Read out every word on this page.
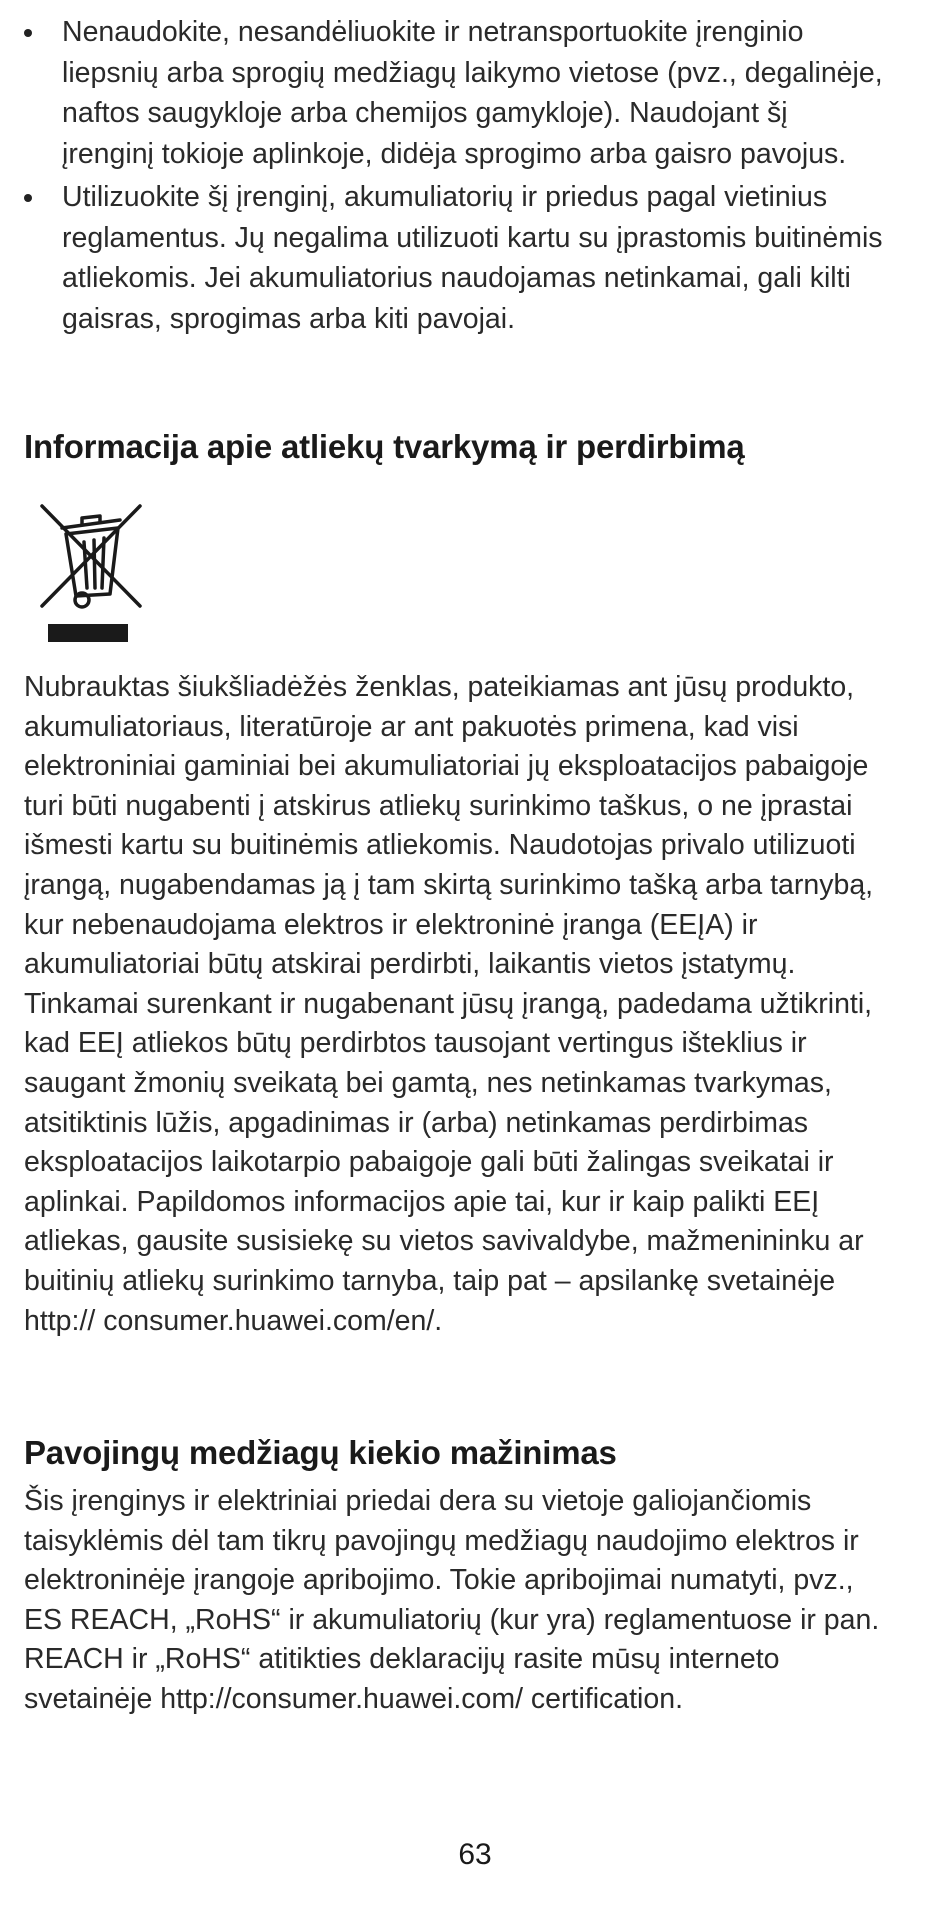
Nenaudokite, nesandėliuokite ir netransportuokite įrenginio liepsnių arba sprogių medžiagų laikymo vietose (pvz., degalinėje, naftos saugykloje arba chemijos gamykloje). Naudojant šį įrenginį tokioje aplinkoje, didėja sprogimo arba gaisro pavojus.
Utilizuokite šį įrenginį, akumuliatorių ir priedus pagal vietinius reglamentus. Jų negalima utilizuoti kartu su įprastomis buitinėmis atliekomis. Jei akumuliatorius naudojamas netinkamai, gali kilti gaisras, sprogimas arba kiti pavojai.
Informacija apie atliekų tvarkymą ir perdirbimą

Nubrauktas šiukšliadėžės ženklas, pateikiamas ant jūsų produkto, akumuliatoriaus, literatūroje ar ant pakuotės primena, kad visi elektroniniai gaminiai bei akumuliatoriai jų eksploatacijos pabaigoje turi būti nugabenti į atskirus atliekų surinkimo taškus, o ne įprastai išmesti kartu su buitinėmis atliekomis. Naudotojas privalo utilizuoti įrangą, nugabendamas ją į tam skirtą surinkimo tašką arba tarnybą, kur nebenaudojama elektros ir elektroninė įranga (EEĮA) ir akumuliatoriai būtų atskirai perdirbti, laikantis vietos įstatymų. Tinkamai surenkant ir nugabenant jūsų įrangą, padedama užtikrinti, kad EEĮ atliekos būtų perdirbtos tausojant vertingus išteklius ir saugant žmonių sveikatą bei gamtą, nes netinkamas tvarkymas, atsitiktinis lūžis, apgadinimas ir (arba) netinkamas perdirbimas eksploatacijos laikotarpio pabaigoje gali būti žalingas sveikatai ir aplinkai. Papildomos informacijos apie tai, kur ir kaip palikti EEĮ atliekas, gausite susisiekę su vietos savivaldybe, mažmenininku ar buitinių atliekų surinkimo tarnyba, taip pat – apsilankę svetainėje http:// consumer.huawei.com/en/.

Pavojingų medžiagų kiekio mažinimas

Šis įrenginys ir elektriniai priedai dera su vietoje galiojančiomis taisyklėmis dėl tam tikrų pavojingų medžiagų naudojimo elektros ir elektroninėje įrangoje apribojimo. Tokie apribojimai numatyti, pvz., ES REACH, „RoHS“ ir akumuliatorių (kur yra) reglamentuose ir pan. REACH ir „RoHS“ atitikties deklaracijų rasite mūsų interneto svetainėje http://consumer.huawei.com/ certification.

63
